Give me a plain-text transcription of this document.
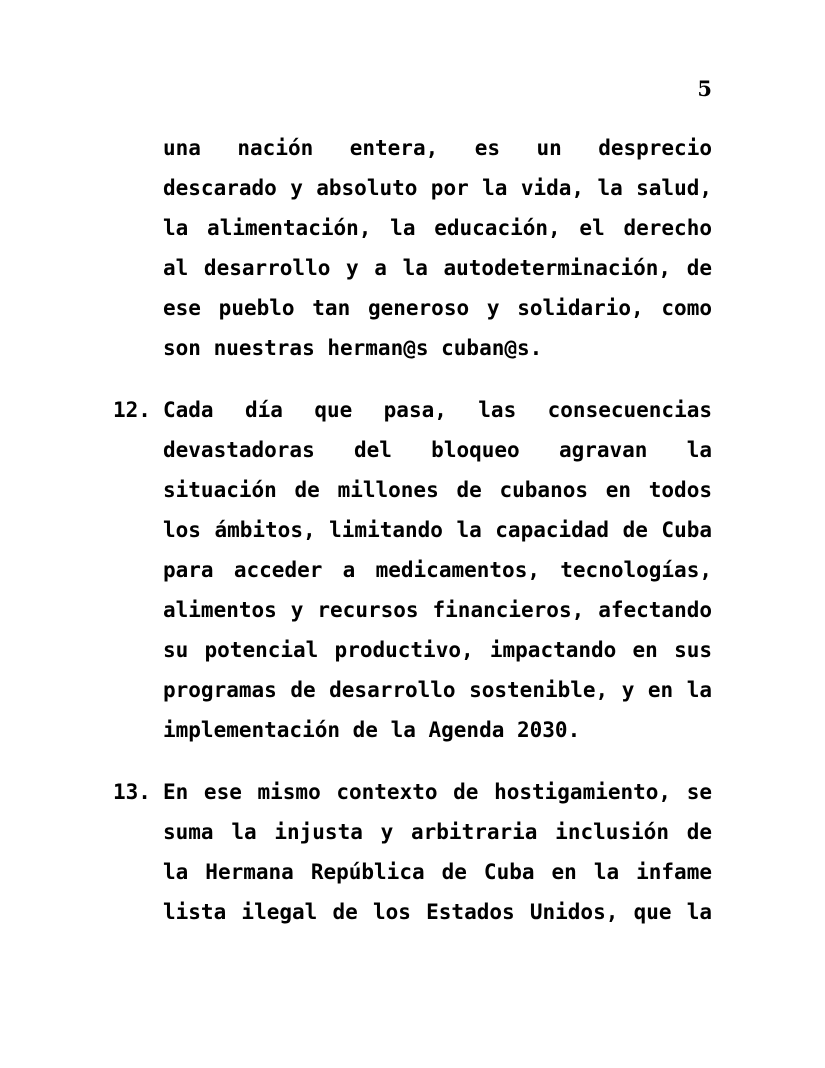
5
una nación entera, es un desprecio descarado y absoluto por la vida, la salud, la alimentación, la educación, el derecho al desarrollo y a la autodeterminación, de ese pueblo tan generoso y solidario, como son nuestras herman@s cuban@s.
12. Cada día que pasa, las consecuencias devastadoras del bloqueo agravan la situación de millones de cubanos en todos los ámbitos, limitando la capacidad de Cuba para acceder a medicamentos, tecnologías, alimentos y recursos financieros, afectando su potencial productivo, impactando en sus programas de desarrollo sostenible, y en la implementación de la Agenda 2030.
13. En ese mismo contexto de hostigamiento, se suma la injusta y arbitraria inclusión de la Hermana República de Cuba en la infame lista ilegal de los Estados Unidos, que la
